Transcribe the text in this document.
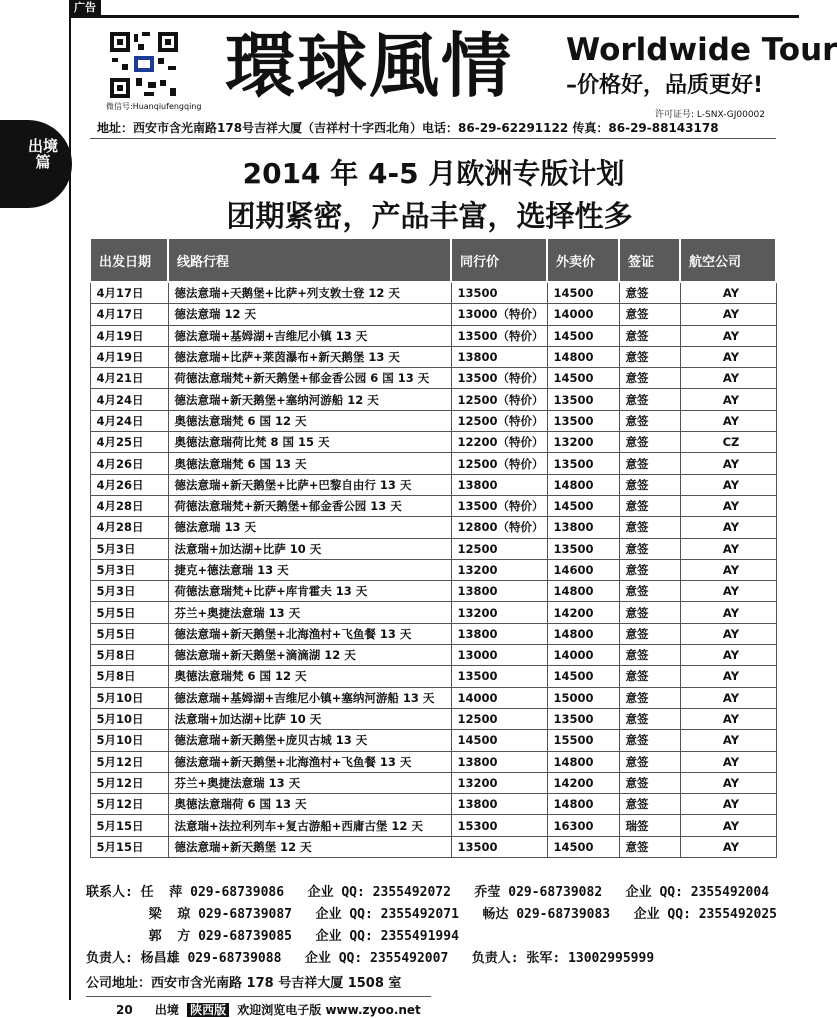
广告
出境篇
微信号:Huanqiufengqing 環球風情 Worldwide Tour
–价格好，品质更好!
许可证号: L-SNX-GJ00002
地址：西安市含光南路178号吉祥大厦（吉祥村十字西北角）电话：86-29-62291122 传真：86-29-88143178
2014 年 4-5 月欧洲专版计划
团期紧密，产品丰富，选择性多
出发日期	线路行程	同行价	外卖价	签证	航空公司
4月17日	德法意瑞+天鹅堡+比萨+列支敦士登 12 天	13500	14500	意签	AY
4月17日	德法意瑞 12 天	13000（特价）	14000	意签	AY
4月19日	德法意瑞+基姆湖+吉维尼小镇 13 天	13500（特价）	14500	意签	AY
4月19日	德法意瑞+比萨+莱茵瀑布+新天鹅堡 13 天	13800	14800	意签	AY
4月21日	荷德法意瑞梵+新天鹅堡+郁金香公园 6 国 13 天	13500（特价）	14500	意签	AY
4月24日	德法意瑞+新天鹅堡+塞纳河游船 12 天	12500（特价）	13500	意签	AY
4月24日	奥德法意瑞梵 6 国 12 天	12500（特价）	13500	意签	AY
4月25日	奥德法意瑞荷比梵 8 国 15 天	12200（特价）	13200	意签	CZ
4月26日	奥德法意瑞梵 6 国 13 天	12500（特价）	13500	意签	AY
4月26日	德法意瑞+新天鹅堡+比萨+巴黎自由行 13 天	13800	14800	意签	AY
4月28日	荷德法意瑞梵+新天鹅堡+郁金香公园 13 天	13500（特价）	14500	意签	AY
4月28日	德法意瑞 13 天	12800（特价）	13800	意签	AY
5月3日	法意瑞+加达湖+比萨 10 天	12500	13500	意签	AY
5月3日	捷克+德法意瑞 13 天	13200	14600	意签	AY
5月3日	荷德法意瑞梵+比萨+库肯霍夫 13 天	13800	14800	意签	AY
5月5日	芬兰+奥捷法意瑞 13 天	13200	14200	意签	AY
5月5日	德法意瑞+新天鹅堡+北海渔村+飞鱼餐 13 天	13800	14800	意签	AY
5月8日	德法意瑞+新天鹅堡+滴滴湖 12 天	13000	14000	意签	AY
5月8日	奥德法意瑞梵 6 国 12 天	13500	14500	意签	AY
5月10日	德法意瑞+基姆湖+吉维尼小镇+塞纳河游船 13 天	14000	15000	意签	AY
5月10日	法意瑞+加达湖+比萨 10 天	12500	13500	意签	AY
5月10日	德法意瑞+新天鹅堡+庞贝古城 13 天	14500	15500	意签	AY
5月12日	德法意瑞+新天鹅堡+北海渔村+飞鱼餐 13 天	13800	14800	意签	AY
5月12日	芬兰+奥捷法意瑞 13 天	13200	14200	意签	AY
5月12日	奥德法意瑞荷 6 国 13 天	13800	14800	意签	AY
5月15日	法意瑞+法拉利列车+复古游船+西庸古堡 12 天	15300	16300	瑞签	AY
5月15日	德法意瑞+新天鹅堡 12 天	13500	14500	意签	AY
联系人: 任  萍 029-68739086   企业 QQ: 2355492072   乔莹 029-68739082   企业 QQ: 2355492004
梁  琼 029-68739087   企业 QQ: 2355492071   畅达 029-68739083   企业 QQ: 2355492025
郭  方 029-68739085   企业 QQ: 2355491994
负责人: 杨昌雄 029-68739088   企业 QQ: 2355492007   负责人: 张军: 13002995999
公司地址：西安市含光南路 178 号吉祥大厦 1508 室
20 出境 陕西版 欢迎浏览电子版 www.zyoo.net
